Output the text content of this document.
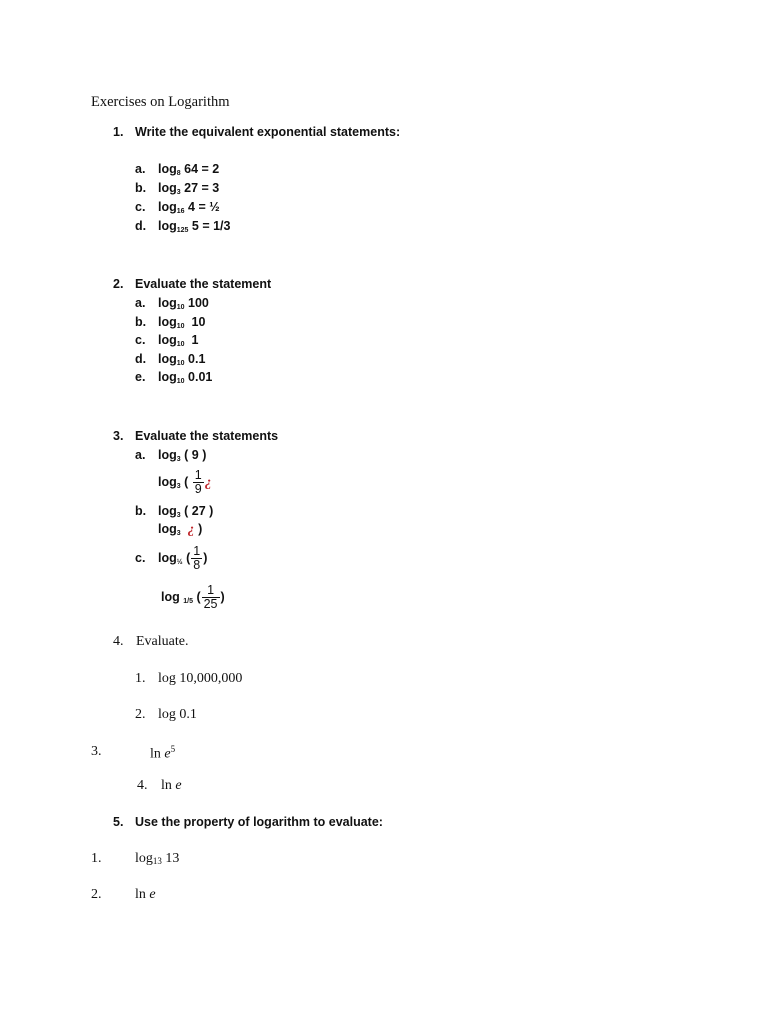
Exercises on Logarithm
1. Write the equivalent exponential statements:
a. $\log_8 64 = 2$
b. $\log_3 27 = 3$
c. $\log_{16} 4$ = ½
d. $\log_{125} 5 = 1/3$
2. Evaluate the statement
a. $\log_{10} 100$
b. $\log_{10} 10$
c. $\log_{10} 1$
d. $\log_{10} 0.1$
e. $\log_{10} 0.01$
3. Evaluate the statements
a. $\log_3$ ( 9 )
$\log_3$ ( $\frac{1}{9}$ ¿
b. $\log_3$ ( 27 )
$\log_3$ ¿ )
c. $\log_{\frac{1}{2}}$ ( $\frac{1}{8}$ )
log $_{1/5}$ ( $\frac{1}{25}$ )
4. Evaluate.
1. log 10,000,000
2. log 0.1
3.	$\ln e^5$
4. ln e
5. Use the property of logarithm to evaluate:
1. $\log_{13} 13$
2. ln e
